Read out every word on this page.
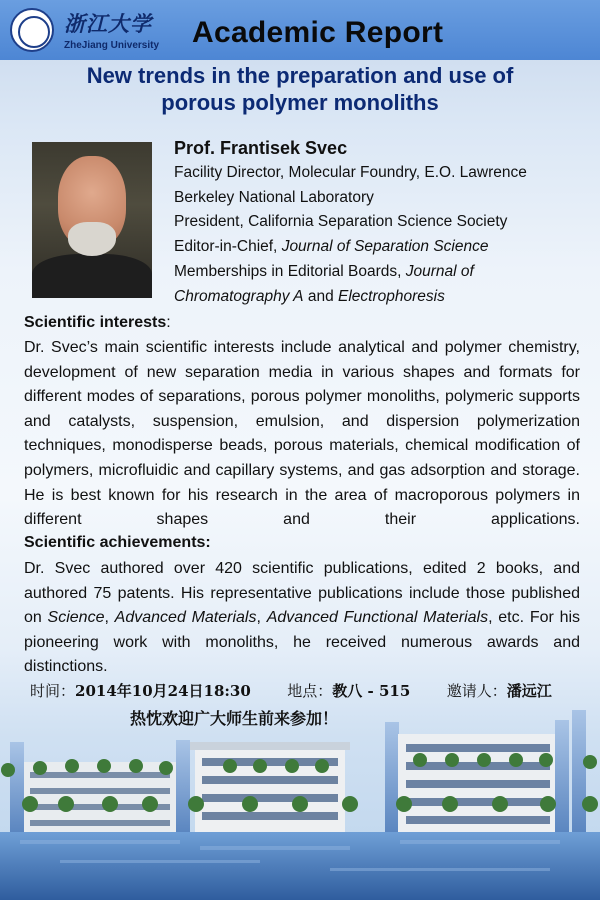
浙江大学
ZheJiang University Academic Report
New trends in the preparation and use of porous polymer monoliths
Prof. Frantisek Svec
Facility Director, Molecular Foundry, E.O. Lawrence
Berkeley National Laboratory
President, California Separation Science Society
Editor-in-Chief, Journal of Separation Science
Memberships in Editorial Boards, Journal of
Chromatography A and Electrophoresis
Scientific interests:
Dr. Svec’s main scientific interests include analytical and polymer chemistry, development of new separation media in various shapes and formats for different modes of separations, porous polymer monoliths, polymeric supports and catalysts, suspension, emulsion, and dispersion polymerization techniques, monodisperse beads, porous materials, chemical modification of polymers, microfluidic and capillary systems, and gas adsorption and storage. He is best known for his research in the area of macroporous polymers in different shapes and their applications.
Scientific achievements:
Dr. Svec authored over 420 scientific publications, edited 2 books, and authored 75 patents. His representative publications include those published on Science, Advanced Materials, Advanced Functional Materials, etc. For his pioneering work with monoliths, he received numerous awards and distinctions.
时间：2014年10月24日18:30 地点：教八 - 515 邀请人：潘远江
热忱欢迎广大师生前来参加！
